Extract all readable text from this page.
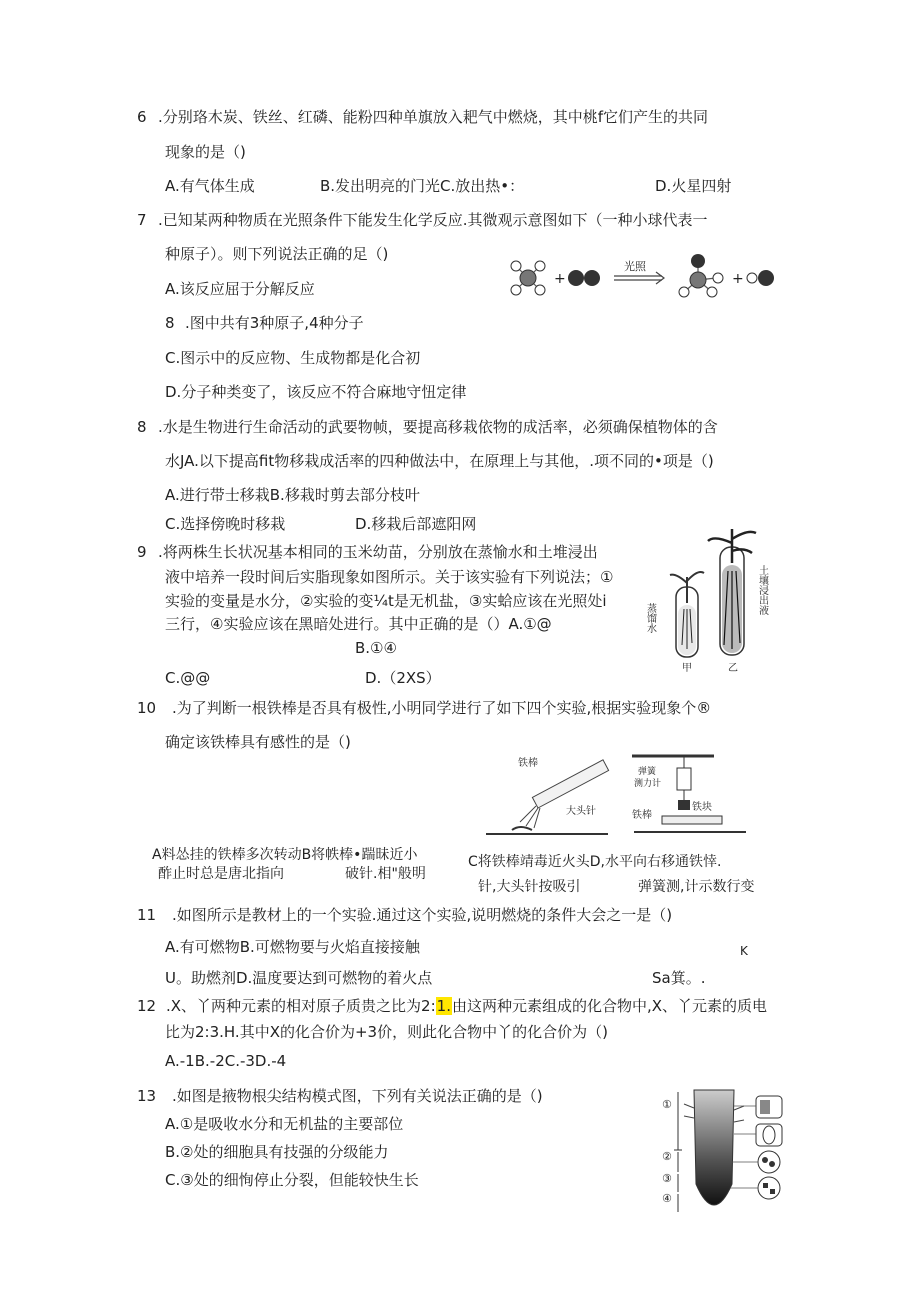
6 .分别珞木炭、铁丝、红磷、能粉四种单旗放入耙气中燃烧，其中桃f它们产生的共同
现象的是（)
A.有气体生成	B.发出明亮的门光C.放出热•：	D.火星四射
7 .已知某两种物质在光照条件下能发生化学反应.其微观示意图如下（一种小球代表一
种原子）。则下列说法正确的足（)
A.该反应屈于分解反应
8 .图中共有3种原子,4种分子
C.图示中的反应物、生成物都是化合初
D.分子种类变了，该反应不符合麻地守忸定律
+
光照
+
8 .水是生物进行生命活动的武要物帧，要提高移栽依物的成活率，必须确保植物体的含
水JA.以下提高fit物移栽成活率的四种做法中，在原理上与其他，.项不同的•项是（)
A.进行带士移栽B.移栽时剪去部分枝叶
C.选择傍晚时移栽	D.移栽后部遮阳网
9 .将两株生长状况基本相同的玉米幼苗，分别放在蒸愉水和土堆浸出
液中培养一段时间后实脂现象如图所示。关于该实验有下列说法；①
实验的变量是水分，②实验的变¼t是无机盐，③实蛤应该在光照处i
三行，④实验应该在黑暗处进行。其中正确的是（）A.①@
B.①④
C.@@	D.（2XS）
蒸馏水
土壤浸出液
甲	乙
10 .为了判断一根铁棒是否具有极性,小明同学进行了如下四个实验,根据实验现象个®
确定该铁棒具有感性的是（)
铁棒
大头针
弹簧
测力计
铁块
铁棒
A料怂挂的铁棒多次转动B将帙棒•踹昧近小
酢止时总是唐北指向	破针.相"般明
C将铁棒靖毒近火头D,水平向右移通铁悻.
针,大头针按吸引	弹簧测,计示数行变
11 .如图所示是教材上的一个实验.通过这个实验,说明燃烧的条件大会之一是（)
A.有可燃物B.可燃物要与火焰直接接触	K
U。助燃剂D.温度要达到可燃物的着火点	Sa箕。.
12 .X、丫两种元素的相对原子质贵之比为2:1.由这两种元素组成的化合物中,X、丫元素的质电
比为2:3.H.其中X的化合价为+3价，则此化合物中丫的化合价为（)
A.-1B.-2C.-3D.-4
13 .如图是掖物根尖结构模式图，下列有关说法正确的是（)
A.①是吸收水分和无机盐的主要部位
B.②处的细胞具有技强的分级能力
C.③处的细恂停止分裂，但能较快生长
①
②
③
④
